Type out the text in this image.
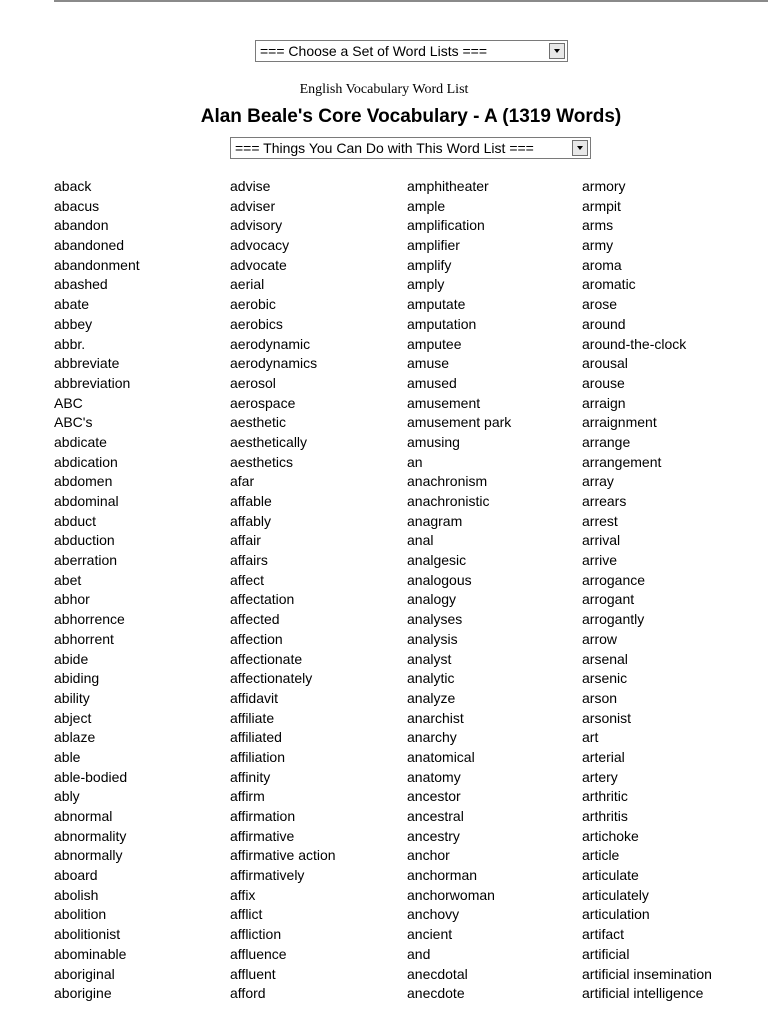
=== Choose a Set of Word Lists ===
English Vocabulary Word List
Alan Beale's Core Vocabulary - A (1319 Words)
=== Things You Can Do with This Word List ===
aback
abacus
abandon
abandoned
abandonment
abashed
abate
abbey
abbr.
abbreviate
abbreviation
ABC
ABC's
abdicate
abdication
abdomen
abdominal
abduct
abduction
aberration
abet
abhor
abhorrence
abhorrent
abide
abiding
ability
abject
ablaze
able
able-bodied
ably
abnormal
abnormality
abnormally
aboard
abolish
abolition
abolitionist
abominable
aboriginal
aborigine
advise
adviser
advisory
advocacy
advocate
aerial
aerobic
aerobics
aerodynamic
aerodynamics
aerosol
aerospace
aesthetic
aesthetically
aesthetics
afar
affable
affably
affair
affairs
affect
affectation
affected
affection
affectionate
affectionately
affidavit
affiliate
affiliated
affiliation
affinity
affirm
affirmation
affirmative
affirmative action
affirmatively
affix
afflict
affliction
affluence
affluent
afford
amphitheater
ample
amplification
amplifier
amplify
amply
amputate
amputation
amputee
amuse
amused
amusement
amusement park
amusing
an
anachronism
anachronistic
anagram
anal
analgesic
analogous
analogy
analyses
analysis
analyst
analytic
analyze
anarchist
anarchy
anatomical
anatomy
ancestor
ancestral
ancestry
anchor
anchorman
anchorwoman
anchovy
ancient
and
anecdotal
anecdote
armory
armpit
arms
army
aroma
aromatic
arose
around
around-the-clock
arousal
arouse
arraign
arraignment
arrange
arrangement
array
arrears
arrest
arrival
arrive
arrogance
arrogant
arrogantly
arrow
arsenal
arsenic
arson
arsonist
art
arterial
artery
arthritic
arthritis
artichoke
article
articulate
articulately
articulation
artifact
artificial
artificial insemination
artificial intelligence
